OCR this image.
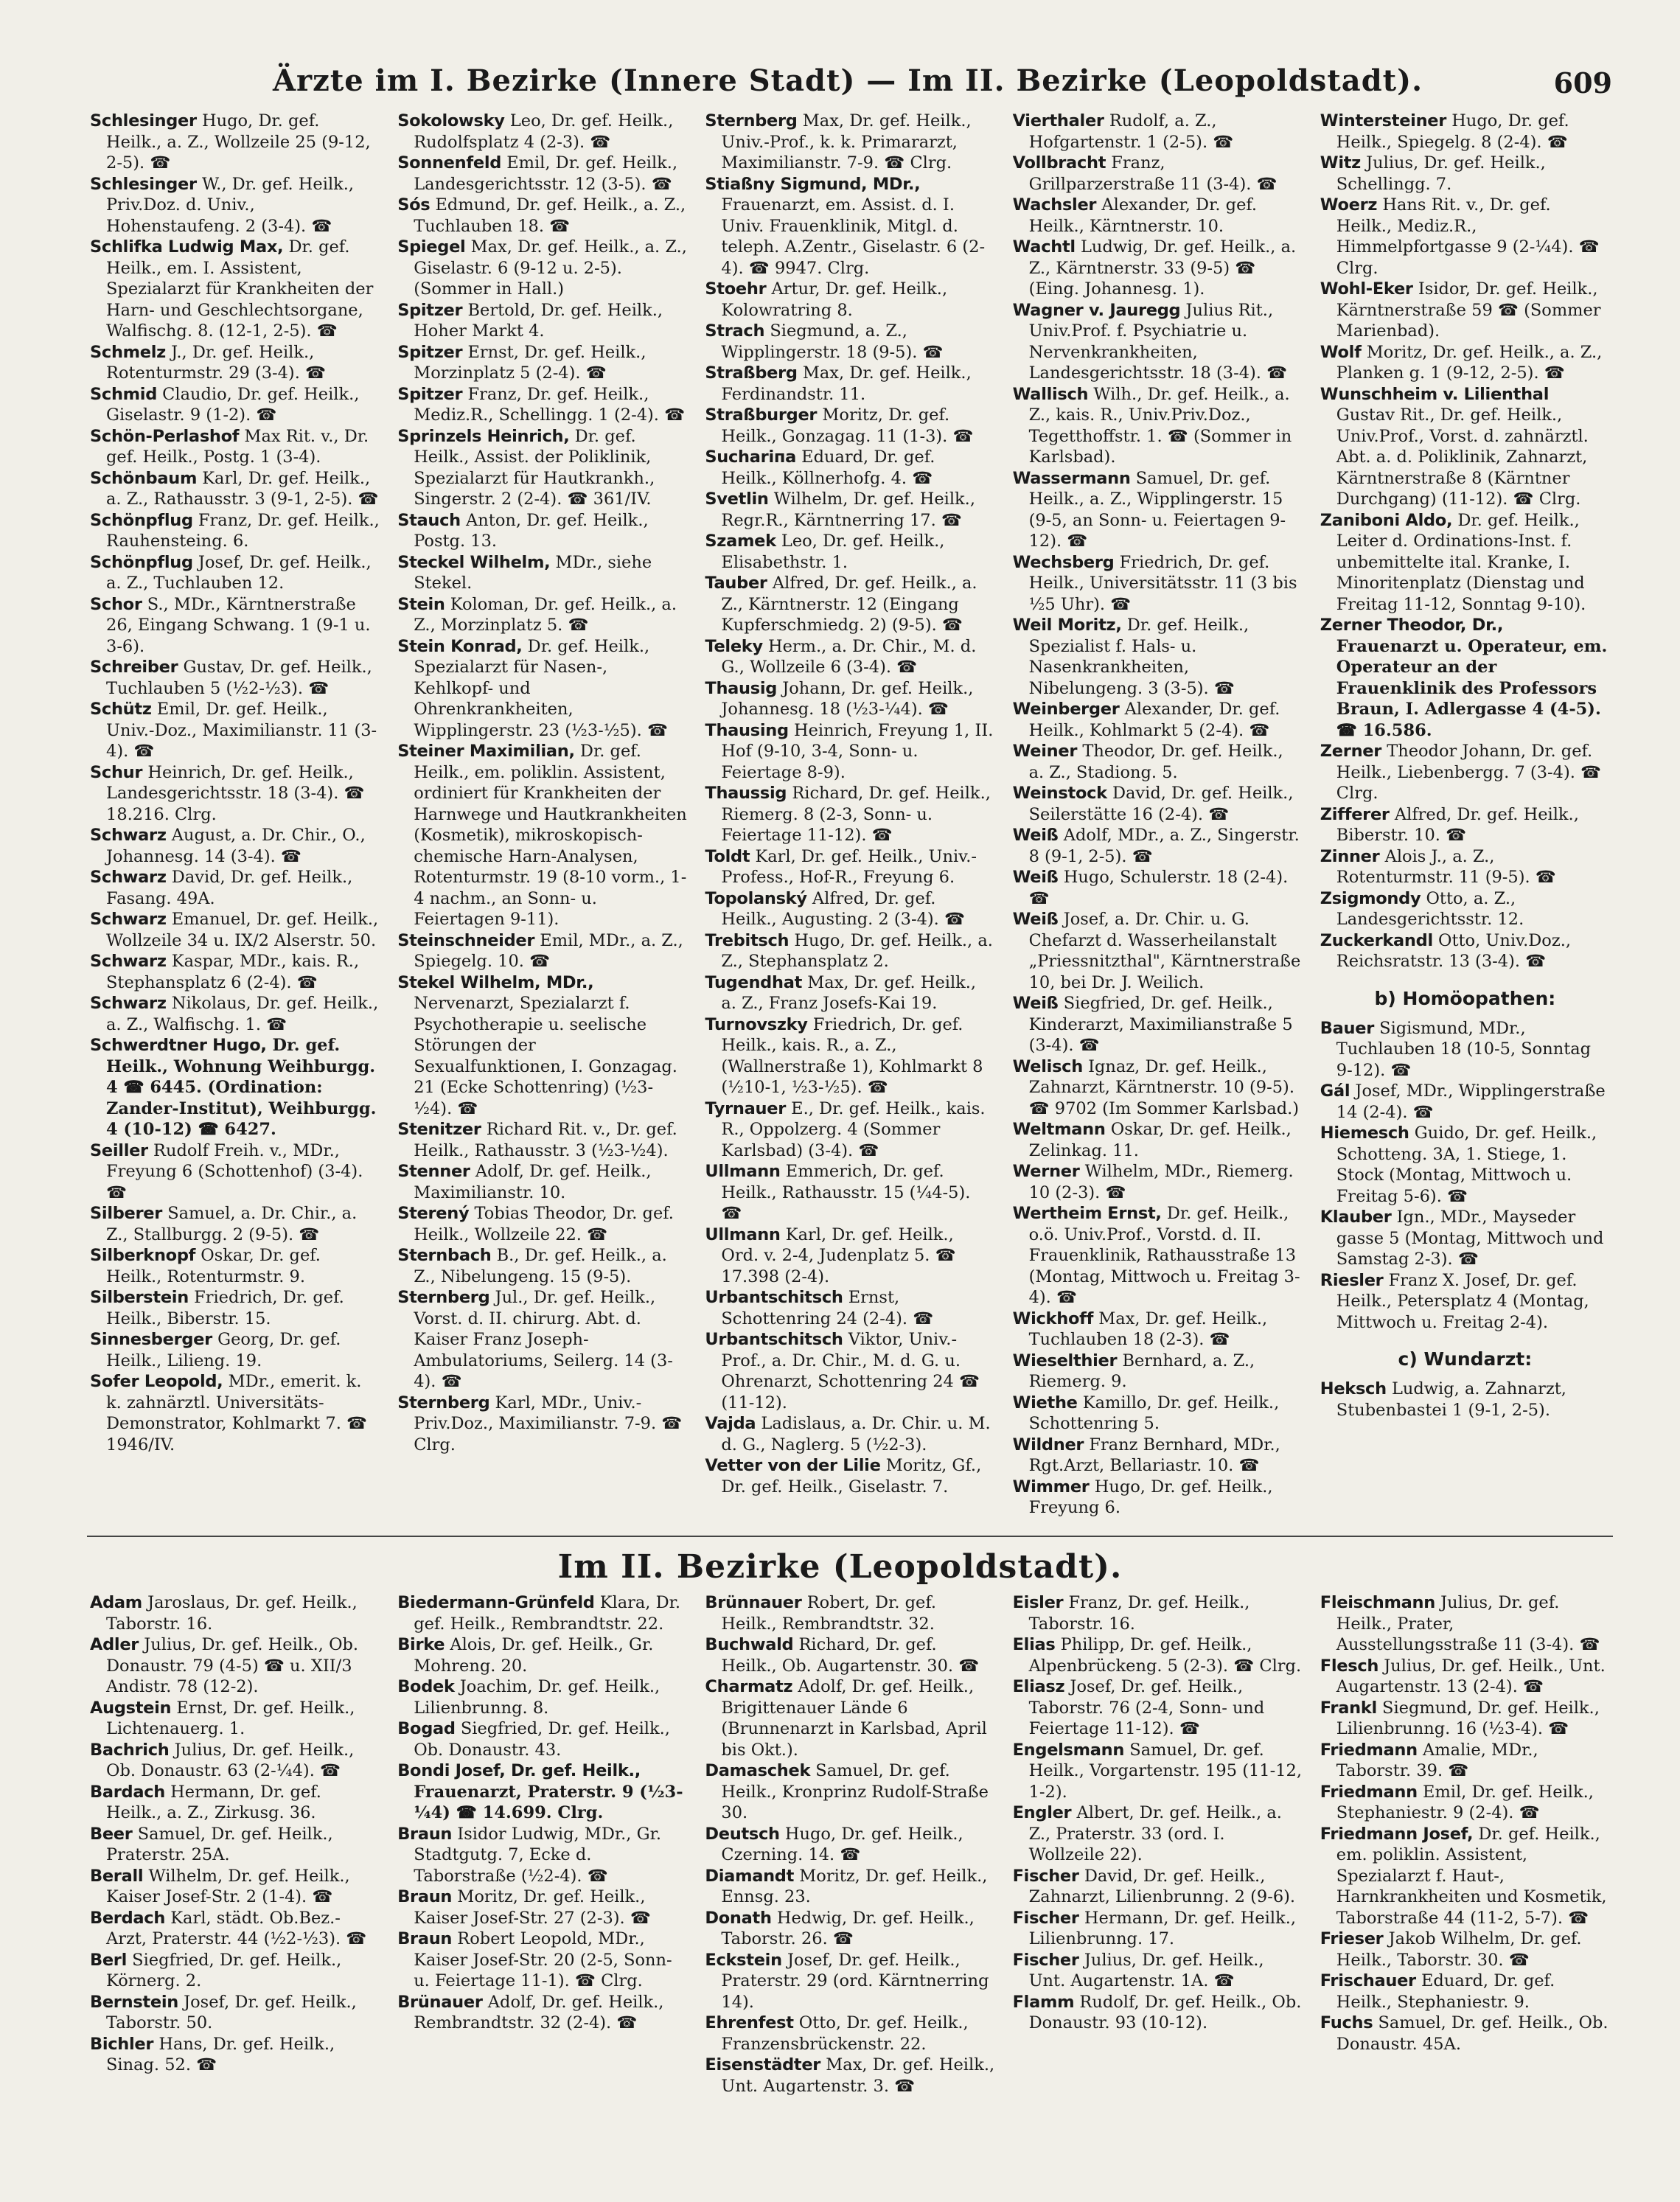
Ärzte im I. Bezirke (Innere Stadt) — Im II. Bezirke (Leopoldstadt).	609
Schlesinger Hugo, Dr. gef. Heilk., a. Z., Wollzeile 25 (9-12, 2-5). ☎
Schlesinger W., Dr. gef. Heilk., Priv.Doz. d. Univ., Hohenstaufeng. 2 (3-4). ☎
Schlifka Ludwig Max, Dr. gef. Heilk., em. I. Assistent, Spezialarzt für Krankheiten der Harn- und Geschlechtsorgane, Walfischg. 8. (12-1, 2-5). ☎
Schmelz J., Dr. gef. Heilk., Rotenturmstr. 29 (3-4). ☎
Schmid Claudio, Dr. gef. Heilk., Giselastr. 9 (1-2). ☎
Schön-Perlashof Max Rit. v., Dr. gef. Heilk., Postg. 1 (3-4).
Schönbaum Karl, Dr. gef. Heilk., a. Z., Rathausstr. 3 (9-1, 2-5). ☎
Schönpflug Franz, Dr. gef. Heilk., Rauhensteing. 6.
Schönpflug Josef, Dr. gef. Heilk., a. Z., Tuchlauben 12.
Schor S., MDr., Kärntnerstraße 26, Eingang Schwang. 1 (9-1 u. 3-6).
Schreiber Gustav, Dr. gef. Heilk., Tuchlauben 5 (½2-½3). ☎
Schütz Emil, Dr. gef. Heilk., Univ.-Doz., Maximilianstr. 11 (3-4). ☎
Schur Heinrich, Dr. gef. Heilk., Landesgerichtsstr. 18 (3-4). ☎ 18.216. Clrg.
Schwarz August, a. Dr. Chir., O., Johannesg. 14 (3-4). ☎
Schwarz David, Dr. gef. Heilk., Fasang. 49A.
Schwarz Emanuel, Dr. gef. Heilk., Wollzeile 34 u. IX/2 Alserstr. 50.
Schwarz Kaspar, MDr., kais. R., Stephansplatz 6 (2-4). ☎
Schwarz Nikolaus, Dr. gef. Heilk., a. Z., Walfischg. 1. ☎
Schwerdtner Hugo, Dr. gef. Heilk., Wohnung Weihburgg. 4 ☎ 6445. (Ordination: Zander-Institut), Weihburgg. 4 (10-12) ☎ 6427.
Seiller Rudolf Freih. v., MDr., Freyung 6 (Schottenhof) (3-4). ☎
Silberer Samuel, a. Dr. Chir., a. Z., Stallburgg. 2 (9-5). ☎
Silberknopf Oskar, Dr. gef. Heilk., Rotenturmstr. 9.
Silberstein Friedrich, Dr. gef. Heilk., Biberstr. 15.
Sinnesberger Georg, Dr. gef. Heilk., Lilieng. 19.
Sofer Leopold, MDr., emerit. k. k. zahnärztl. Universitäts-Demonstrator, Kohlmarkt 7. ☎ 1946/IV.
Sokolowsky Leo, Dr. gef. Heilk., Rudolfsplatz 4 (2-3). ☎
Sonnenfeld Emil, Dr. gef. Heilk., Landesgerichtsstr. 12 (3-5). ☎
Sós Edmund, Dr. gef. Heilk., a. Z., Tuchlauben 18. ☎
Spiegel Max, Dr. gef. Heilk., a. Z., Giselastr. 6 (9-12 u. 2-5). (Sommer in Hall.)
Spitzer Bertold, Dr. gef. Heilk., Hoher Markt 4.
Spitzer Ernst, Dr. gef. Heilk., Morzinplatz 5 (2-4). ☎
Spitzer Franz, Dr. gef. Heilk., Mediz.R., Schellingg. 1 (2-4). ☎
Sprinzels Heinrich, Dr. gef. Heilk., Assist. der Poliklinik, Spezialarzt für Hautkrankh., Singerstr. 2 (2-4). ☎ 361/IV.
Stauch Anton, Dr. gef. Heilk., Postg. 13.
Steckel Wilhelm, MDr., siehe Stekel.
Stein Koloman, Dr. gef. Heilk., a. Z., Morzinplatz 5. ☎
Stein Konrad, Dr. gef. Heilk., Spezialarzt für Nasen-, Kehlkopf- und Ohrenkrankheiten, Wipplingerstr. 23 (½3-½5). ☎
Steiner Maximilian, Dr. gef. Heilk., em. poliklin. Assistent, ordiniert für Krankheiten der Harnwege und Hautkrankheiten (Kosmetik), mikroskopisch-chemische Harn-Analysen, Rotenturmstr. 19 (8-10 vorm., 1-4 nachm., an Sonn- u. Feiertagen 9-11).
Steinschneider Emil, MDr., a. Z., Spiegelg. 10. ☎
Stekel Wilhelm, MDr., Nervenarzt, Spezialarzt f. Psychotherapie u. seelische Störungen der Sexualfunktionen, I. Gonzagag. 21 (Ecke Schottenring) (½3-½4). ☎
Stenitzer Richard Rit. v., Dr. gef. Heilk., Rathausstr. 3 (½3-½4).
Stenner Adolf, Dr. gef. Heilk., Maximilianstr. 10.
Sterený Tobias Theodor, Dr. gef. Heilk., Wollzeile 22. ☎
Sternbach B., Dr. gef. Heilk., a. Z., Nibelungeng. 15 (9-5).
Sternberg Jul., Dr. gef. Heilk., Vorst. d. II. chirurg. Abt. d. Kaiser Franz Joseph-Ambulatoriums, Seilerg. 14 (3-4). ☎
Sternberg Karl, MDr., Univ.-Priv.Doz., Maximilianstr. 7-9. ☎ Clrg.
Sternberg Max, Dr. gef. Heilk., Univ.-Prof., k. k. Primararzt, Maximilianstr. 7-9. ☎ Clrg.
Stiaßny Sigmund, MDr., Frauenarzt, em. Assist. d. I. Univ. Frauenklinik, Mitgl. d. teleph. A.Zentr., Giselastr. 6 (2-4). ☎ 9947. Clrg.
Stoehr Artur, Dr. gef. Heilk., Kolowratring 8.
Strach Siegmund, a. Z., Wipplingerstr. 18 (9-5). ☎
Straßberg Max, Dr. gef. Heilk., Ferdinandstr. 11.
Straßburger Moritz, Dr. gef. Heilk., Gonzagag. 11 (1-3). ☎
Suchariпa Eduard, Dr. gef. Heilk., Köllnerhofg. 4. ☎
Svetlin Wilhelm, Dr. gef. Heilk., Regr.R., Kärntnerring 17. ☎
Szamek Leo, Dr. gef. Heilk., Elisabethstr. 1.
Tauber Alfred, Dr. gef. Heilk., a. Z., Kärntnerstr. 12 (Eingang Kupferschmiedg. 2) (9-5). ☎
Teleky Herm., a. Dr. Chir., M. d. G., Wollzeile 6 (3-4). ☎
Thausig Johann, Dr. gef. Heilk., Johannesg. 18 (½3-¼4). ☎
Thausing Heinrich, Freyung 1, II. Hof (9-10, 3-4, Sonn- u. Feiertage 8-9).
Thaussig Richard, Dr. gef. Heilk., Riemerg. 8 (2-3, Sonn- u. Feiertage 11-12). ☎
Toldt Karl, Dr. gef. Heilk., Univ.-Profess., Hof-R., Freyung 6.
Topolanský Alfred, Dr. gef. Heilk., Augusting. 2 (3-4). ☎
Trebitsch Hugo, Dr. gef. Heilk., a. Z., Stephansplatz 2.
Tugendhat Max, Dr. gef. Heilk., a. Z., Franz Josefs-Kai 19.
Turnovszky Friedrich, Dr. gef. Heilk., kais. R., a. Z., (Wallnerstraße 1), Kohlmarkt 8 (½10-1, ½3-½5). ☎
Tyrnauer E., Dr. gef. Heilk., kais. R., Oppolzerg. 4 (Sommer Karlsbad) (3-4). ☎
Ullmann Emmerich, Dr. gef. Heilk., Rathausstr. 15 (¼4-5). ☎
Ullmann Karl, Dr. gef. Heilk., Ord. v. 2-4, Judenplatz 5. ☎ 17.398 (2-4).
Urbantschitsch Ernst, Schottenring 24 (2-4). ☎
Urbantschitsch Viktor, Univ.-Prof., a. Dr. Chir., M. d. G. u. Ohrenarzt, Schottenring 24 ☎ (11-12).
Vajda Ladislaus, a. Dr. Chir. u. M. d. G., Naglerg. 5 (½2-3).
Vetter von der Lilie Moritz, Gf., Dr. gef. Heilk., Giselastr. 7.
Vierthaler Rudolf, a. Z., Hofgartenstr. 1 (2-5). ☎
Vollbracht Franz, Grillparzerstraße 11 (3-4). ☎
Wachsler Alexander, Dr. gef. Heilk., Kärntnerstr. 10.
Wachtl Ludwig, Dr. gef. Heilk., a. Z., Kärntnerstr. 33 (9-5) ☎ (Eing. Johannesg. 1).
Wagner v. Jauregg Julius Rit., Univ.Prof. f. Psychiatrie u. Nervenkrankheiten, Landesgerichtsstr. 18 (3-4). ☎
Wallisch Wilh., Dr. gef. Heilk., a. Z., kais. R., Univ.Priv.Doz., Tegetthoffstr. 1. ☎ (Sommer in Karlsbad).
Wassermann Samuel, Dr. gef. Heilk., a. Z., Wipplingerstr. 15 (9-5, an Sonn- u. Feiertagen 9-12). ☎
Wechsberg Friedrich, Dr. gef. Heilk., Universitätsstr. 11 (3 bis ½5 Uhr). ☎
Weil Moritz, Dr. gef. Heilk., Spezialist f. Hals- u. Nasenkrankheiten, Nibelungeng. 3 (3-5). ☎
Weinberger Alexander, Dr. gef. Heilk., Kohlmarkt 5 (2-4). ☎
Weiner Theodor, Dr. gef. Heilk., a. Z., Stadiong. 5.
Weinstock David, Dr. gef. Heilk., Seilerstätte 16 (2-4). ☎
Weiß Adolf, MDr., a. Z., Singerstr. 8 (9-1, 2-5). ☎
Weiß Hugo, Schulerstr. 18 (2-4). ☎
Weiß Josef, a. Dr. Chir. u. G. Chefarzt d. Wasserheilanstalt „Priessnitzthal", Kärntnerstraße 10, bei Dr. J. Weilich.
Weiß Siegfried, Dr. gef. Heilk., Kinderarzt, Maximilianstraße 5 (3-4). ☎
Welisch Ignaz, Dr. gef. Heilk., Zahnarzt, Kärntnerstr. 10 (9-5). ☎ 9702 (Im Sommer Karlsbad.)
Weltmann Oskar, Dr. gef. Heilk., Zelinkag. 11.
Werner Wilhelm, MDr., Riemerg. 10 (2-3). ☎
Wertheim Ernst, Dr. gef. Heilk., o.ö. Univ.Prof., Vorstd. d. II. Frauenklinik, Rathausstraße 13 (Montag, Mittwoch u. Freitag 3-4). ☎
Wickhoff Max, Dr. gef. Heilk., Tuchlauben 18 (2-3). ☎
Wieselthier Bernhard, a. Z., Riemerg. 9.
Wiethe Kamillo, Dr. gef. Heilk., Schottenring 5.
Wildner Franz Bernhard, MDr., Rgt.Arzt, Bellariastr. 10. ☎
Wimmer Hugo, Dr. gef. Heilk., Freyung 6.
Wintersteiner Hugo, Dr. gef. Heilk., Spiegelg. 8 (2-4). ☎
Witz Julius, Dr. gef. Heilk., Schellingg. 7.
Woerz Hans Rit. v., Dr. gef. Heilk., Mediz.R., Himmelpfortgasse 9 (2-¼4). ☎ Clrg.
Wohl-Eker Isidor, Dr. gef. Heilk., Kärntnerstraße 59 ☎ (Sommer Marienbad).
Wolf Moritz, Dr. gef. Heilk., a. Z., Planken g. 1 (9-12, 2-5). ☎
Wunschheim v. Lilienthal Gustav Rit., Dr. gef. Heilk., Univ.Prof., Vorst. d. zahnärztl. Abt. a. d. Poliklinik, Zahnarzt, Kärntnerstraße 8 (Kärntner Durchgang) (11-12). ☎ Clrg.
Zaniboni Aldo, Dr. gef. Heilk., Leiter d. Ordinations-Inst. f. unbemittelte ital. Kranke, I. Minoritenplatz (Dienstag und Freitag 11-12, Sonntag 9-10).
Zerner Theodor, Dr., Frauenarzt u. Operateur, em. Operateur an der Frauenklinik des Professors Braun, I. Adlergasse 4 (4-5). ☎ 16.586.
Zerner Theodor Johann, Dr. gef. Heilk., Liebenbergg. 7 (3-4). ☎ Clrg.
Zifferer Alfred, Dr. gef. Heilk., Biberstr. 10. ☎
Zinner Alois J., a. Z., Rotenturmstr. 11 (9-5). ☎
Zsigmondy Otto, a. Z., Landesgerichtsstr. 12.
Zuckerkandl Otto, Univ.Doz., Reichsratstr. 13 (3-4). ☎
b) Homöopathen:
Bauer Sigismund, MDr., Tuchlauben 18 (10-5, Sonntag 9-12). ☎
Gál Josef, MDr., Wipplingerstraße 14 (2-4). ☎
Hiemesch Guido, Dr. gef. Heilk., Schotteng. 3A, 1. Stiege, 1. Stock (Montag, Mittwoch u. Freitag 5-6). ☎
Klauber Ign., MDr., Mayseder gasse 5 (Montag, Mittwoch und Samstag 2-3). ☎
Riesler Franz X. Josef, Dr. gef. Heilk., Petersplatz 4 (Montag, Mittwoch u. Freitag 2-4).
c) Wundarzt:
Heksch Ludwig, a. Zahnarzt, Stubenbastei 1 (9-1, 2-5).
Im II. Bezirke (Leopoldstadt).
Adam Jaroslaus, Dr. gef. Heilk., Taborstr. 16.
Adler Julius, Dr. gef. Heilk., Ob. Donaustr. 79 (4-5) ☎ u. XII/3 Andistr. 78 (12-2).
Augstein Ernst, Dr. gef. Heilk., Lichtenauerg. 1.
Bachrich Julius, Dr. gef. Heilk., Ob. Donaustr. 63 (2-¼4). ☎
Bardach Hermann, Dr. gef. Heilk., a. Z., Zirkusg. 36.
Beer Samuel, Dr. gef. Heilk., Praterstr. 25A.
Berall Wilhelm, Dr. gef. Heilk., Kaiser Josef-Str. 2 (1-4). ☎
Berdach Karl, städt. Ob.Bez.-Arzt, Praterstr. 44 (½2-½3). ☎
Berl Siegfried, Dr. gef. Heilk., Körnerg. 2.
Bernstein Josef, Dr. gef. Heilk., Taborstr. 50.
Bichler Hans, Dr. gef. Heilk., Sinag. 52. ☎
Biedermann-Grünfeld Klara, Dr. gef. Heilk., Rembrandtstr. 22.
Birke Alois, Dr. gef. Heilk., Gr. Mohreng. 20.
Bodek Joachim, Dr. gef. Heilk., Lilienbrunng. 8.
Bogad Siegfried, Dr. gef. Heilk., Ob. Donaustr. 43.
Bondi Josef, Dr. gef. Heilk., Frauenarzt, Praterstr. 9 (½3-¼4) ☎ 14.699. Clrg.
Braun Isidor Ludwig, MDr., Gr. Stadtgutg. 7, Ecke d. Taborstraße (½2-4). ☎
Braun Moritz, Dr. gef. Heilk., Kaiser Josef-Str. 27 (2-3). ☎
Braun Robert Leopold, MDr., Kaiser Josef-Str. 20 (2-5, Sonn- u. Feiertage 11-1). ☎ Clrg.
Brünauer Adolf, Dr. gef. Heilk., Rembrandtstr. 32 (2-4). ☎
Brünnauer Robert, Dr. gef. Heilk., Rembrandtstr. 32.
Buchwald Richard, Dr. gef. Heilk., Ob. Augartenstr. 30. ☎
Charmatz Adolf, Dr. gef. Heilk., Brigittenauer Lände 6 (Brunnenarzt in Karlsbad, April bis Okt.).
Damaschek Samuel, Dr. gef. Heilk., Kronprinz Rudolf-Straße 30.
Deutsch Hugo, Dr. gef. Heilk., Czerning. 14. ☎
Diamandt Moritz, Dr. gef. Heilk., Ennsg. 23.
Donath Hedwig, Dr. gef. Heilk., Taborstr. 26. ☎
Eckstein Josef, Dr. gef. Heilk., Praterstr. 29 (ord. Kärntnerring 14).
Ehrenfest Otto, Dr. gef. Heilk., Franzensbrückenstr. 22.
Eisenstädter Max, Dr. gef. Heilk., Unt. Augartenstr. 3. ☎
Eisler Franz, Dr. gef. Heilk., Taborstr. 16.
Elias Philipp, Dr. gef. Heilk., Alpenbrückeng. 5 (2-3). ☎ Clrg.
Eliasz Josef, Dr. gef. Heilk., Taborstr. 76 (2-4, Sonn- und Feiertage 11-12). ☎
Engelsmann Samuel, Dr. gef. Heilk., Vorgartenstr. 195 (11-12, 1-2).
Engler Albert, Dr. gef. Heilk., a. Z., Praterstr. 33 (ord. I. Wollzeile 22).
Fischer David, Dr. gef. Heilk., Zahnarzt, Lilienbrunng. 2 (9-6).
Fischer Hermann, Dr. gef. Heilk., Lilienbrunng. 17.
Fischer Julius, Dr. gef. Heilk., Unt. Augartenstr. 1A. ☎
Flamm Rudolf, Dr. gef. Heilk., Ob. Donaustr. 93 (10-12).
Fleischmann Julius, Dr. gef. Heilk., Prater, Ausstellungsstraße 11 (3-4). ☎
Flesch Julius, Dr. gef. Heilk., Unt. Augartenstr. 13 (2-4). ☎
Frankl Siegmund, Dr. gef. Heilk., Lilienbrunng. 16 (½3-4). ☎
Friedmann Amalie, MDr., Taborstr. 39. ☎
Friedmann Emil, Dr. gef. Heilk., Stephaniestr. 9 (2-4). ☎
Friedmann Josef, Dr. gef. Heilk., em. poliklin. Assistent, Spezialarzt f. Haut-, Harnkrankheiten und Kosmetik, Taborstraße 44 (11-2, 5-7). ☎
Frieser Jakob Wilhelm, Dr. gef. Heilk., Taborstr. 30. ☎
Frischauer Eduard, Dr. gef. Heilk., Stephaniestr. 9.
Fuchs Samuel, Dr. gef. Heilk., Ob. Donaustr. 45A.
